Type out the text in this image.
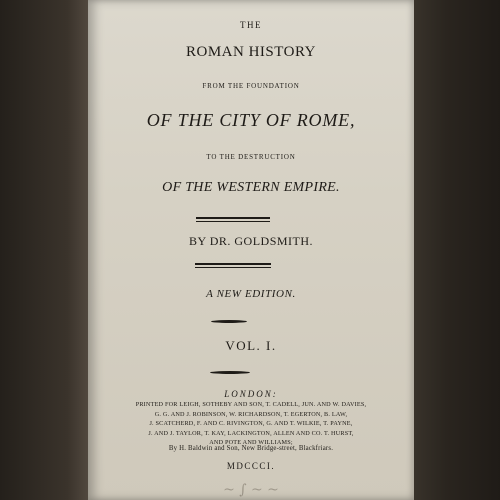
THE
ROMAN HISTORY
FROM THE FOUNDATION
OF THE CITY OF ROME,
TO THE DESTRUCTION
OF THE WESTERN EMPIRE.
BY DR. GOLDSMITH.
A NEW EDITION.
VOL. I.
LONDON:
PRINTED FOR LEIGH, SOTHEBY AND SON, T. CADELL, JUN. AND W. DAVIES,
G. G. AND J. ROBINSON, W. RICHARDSON, T. EGERTON, B. LAW,
J. SCATCHERD, F. AND C. RIVINGTON, G. AND T. WILKIE, T. PAYNE,
J. AND J. TAYLOR, T. KAY, LACKINGTON, ALLEN AND CO. T. HURST,
AND POTE AND WILLIAMS;
By H. Baldwin and Son, New Bridge-street, Blackfriars.
MDCCCI.
~ ∫ ~ ~
